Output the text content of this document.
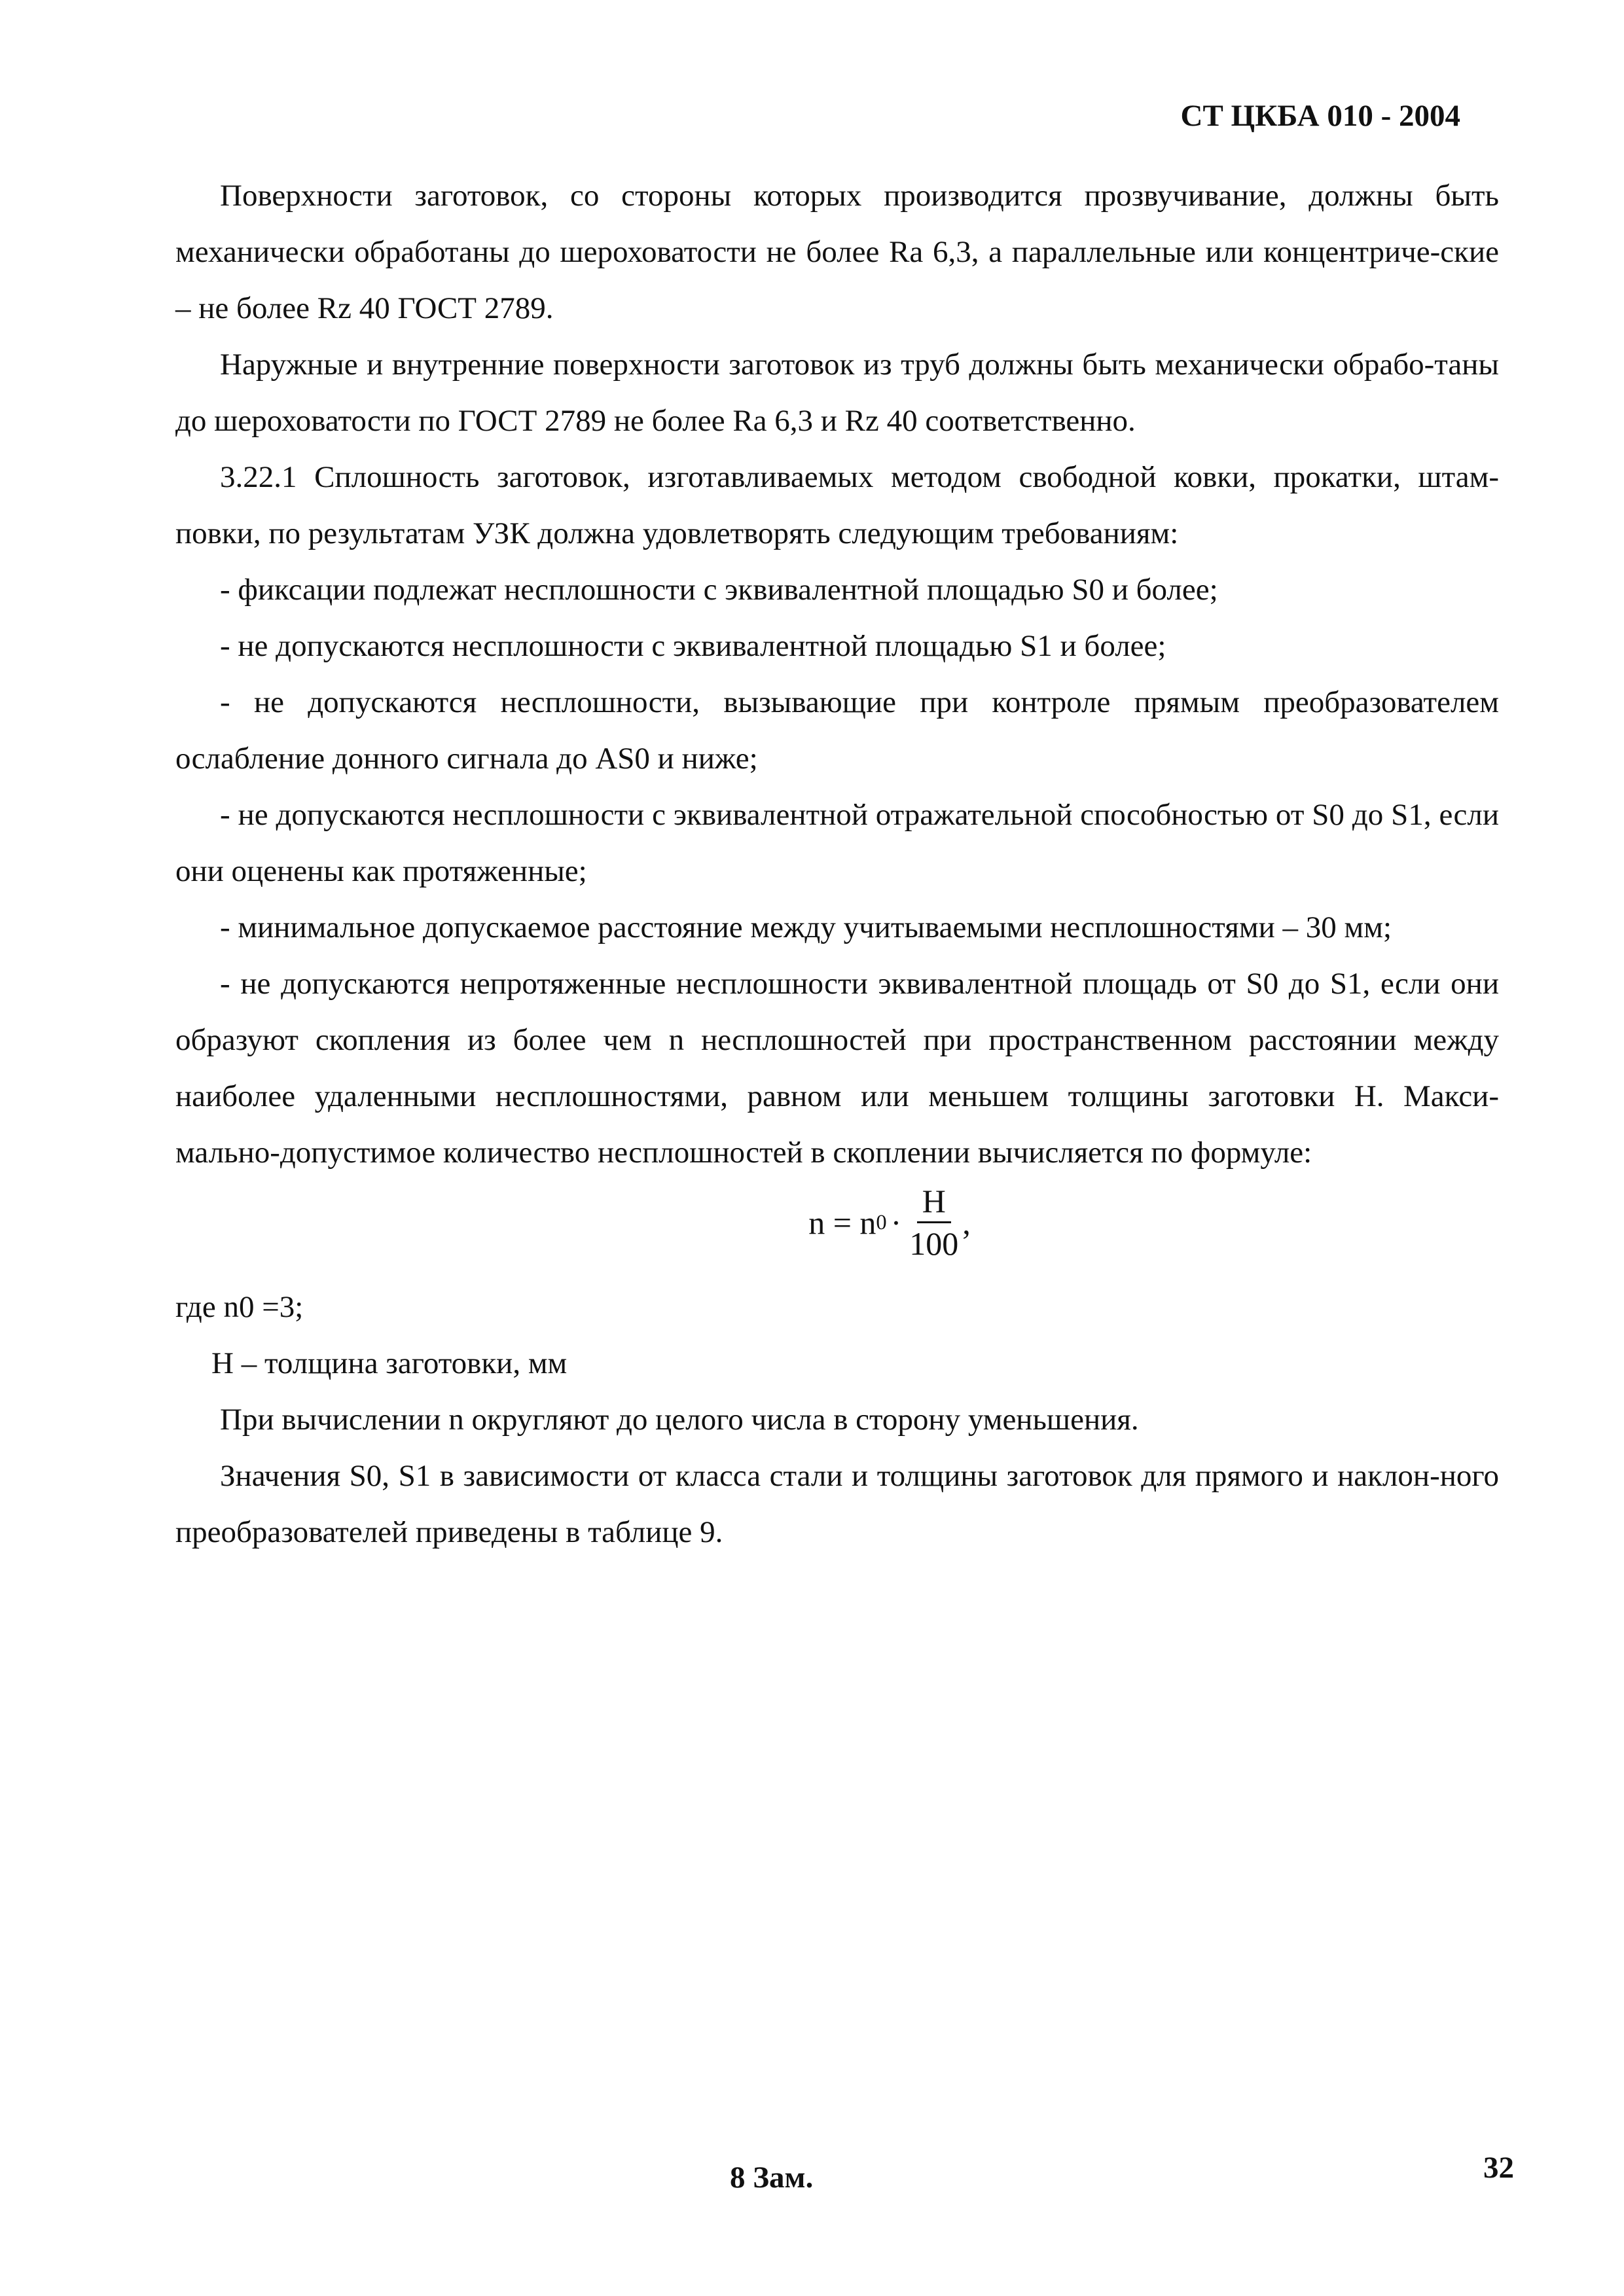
СТ ЦКБА 010 - 2004

Поверхности заготовок, со стороны которых производится прозвучивание, должны быть механически обработаны до шероховатости не более Ra 6,3, а параллельные или концентриче-ские – не более Rz 40 ГОСТ 2789.

Наружные и внутренние поверхности заготовок из труб должны быть механически обрабо-таны до шероховатости по ГОСТ 2789 не более Ra 6,3 и Rz 40 соответственно.

3.22.1 Сплошность заготовок, изготавливаемых методом свободной ковки, прокатки, штам-повки, по результатам УЗК должна удовлетворять следующим требованиям:

- фиксации подлежат несплошности с эквивалентной площадью S0 и более;

- не допускаются несплошности с эквивалентной площадью S1 и более;

- не допускаются несплошности, вызывающие при контроле прямым преобразователем ослабление донного сигнала до AS0 и ниже;

- не допускаются несплошности с эквивалентной отражательной способностью от S0 до S1, если они оценены как протяженные;

- минимальное допускаемое расстояние между учитываемыми несплошностями – 30 мм;

- не допускаются непротяженные несплошности эквивалентной площадь от S0 до S1, если они образуют скопления из более чем n несплошностей при пространственном расстоянии между наиболее удаленными несплошностями, равном или меньшем толщины заготовки H. Макси-мально-допустимое количество несплошностей в скоплении вычисляется по формуле:

n = n $0 \cdot \frac{H}{100}$ ,

где n0 =3;

H – толщина заготовки, мм

При вычислении n округляют до целого числа в сторону уменьшения.

Значения S0, S1 в зависимости от класса стали и толщины заготовок для прямого и наклон-ного преобразователей приведены в таблице 9.

8 Зам.	32
